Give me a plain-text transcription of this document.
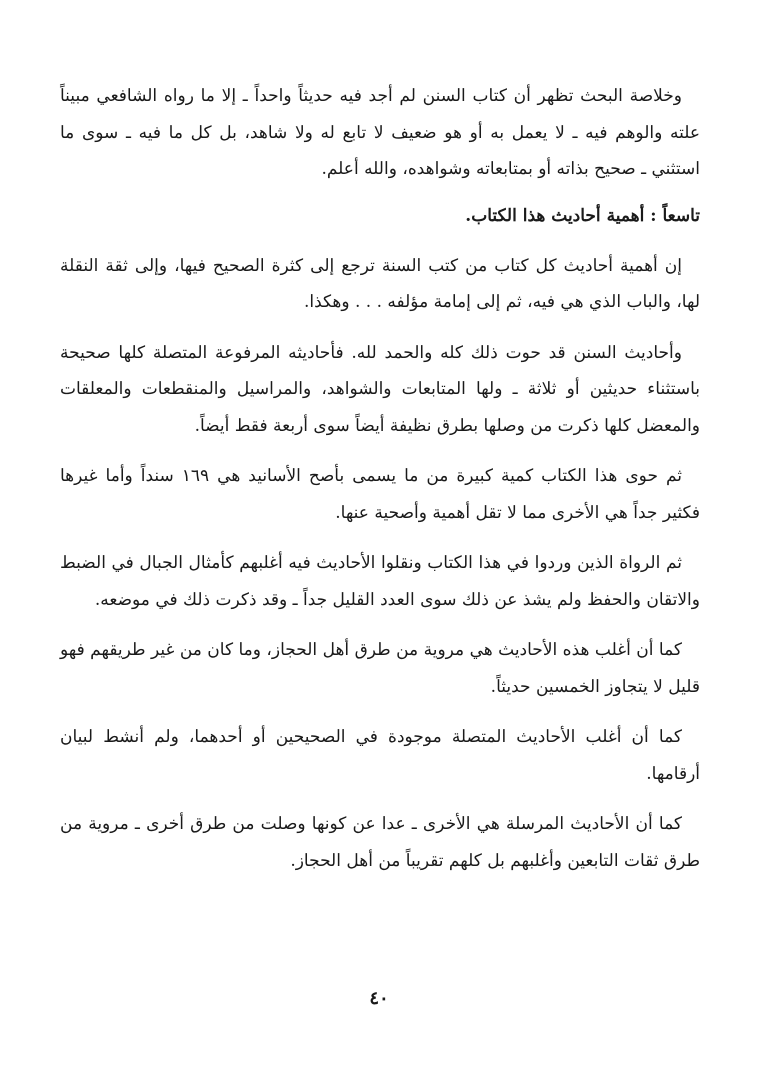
وخلاصة البحث تظهر أن كتاب السنن لم أجد فيه حديثاً واحداً ـ إلا ما رواه الشافعي مبيناً علته والوهم فيه ـ لا يعمل به أو هو ضعيف لا تابع له ولا شاهد، بل كل ما فيه ـ سوى ما استثني ـ صحيح بذاته أو بمتابعاته وشواهده، والله أعلم.

تاسعاً : أهمية أحاديث هذا الكتاب.

إن أهمية أحاديث كل كتاب من كتب السنة ترجع إلى كثرة الصحيح فيها، وإلى ثقة النقلة لها، والباب الذي هي فيه، ثم إلى إمامة مؤلفه . . . وهكذا.

وأحاديث السنن قد حوت ذلك كله والحمد لله. فأحاديثه المرفوعة المتصلة كلها صحيحة باستثناء حديثين أو ثلاثة ـ ولها المتابعات والشواهد، والمراسيل والمنقطعات والمعلقات والمعضل كلها ذكرت من وصلها بطرق نظيفة أيضاً سوى أربعة فقط أيضاً.

ثم حوى هذا الكتاب كمية كبيرة من ما يسمى بأصح الأسانيد هي ١٦٩ سنداً وأما غيرها فكثير جداً هي الأخرى مما لا تقل أهمية وأصحية عنها.

ثم الرواة الذين وردوا في هذا الكتاب ونقلوا الأحاديث فيه أغلبهم كأمثال الجبال في الضبط والاتقان والحفظ ولم يشذ عن ذلك سوى العدد القليل جداً ـ وقد ذكرت ذلك في موضعه.

كما أن أغلب هذه الأحاديث هي مروية من طرق أهل الحجاز، وما كان من غير طريقهم فهو قليل لا يتجاوز الخمسين حديثاً.

كما أن أغلب الأحاديث المتصلة موجودة في الصحيحين أو أحدهما، ولم أنشط لبيان أرقامها.

كما أن الأحاديث المرسلة هي الأخرى ـ عدا عن كونها وصلت من طرق أخرى ـ مروية من طرق ثقات التابعين وأغلبهم بل كلهم تقريباً من أهل الحجاز.

٤٠
